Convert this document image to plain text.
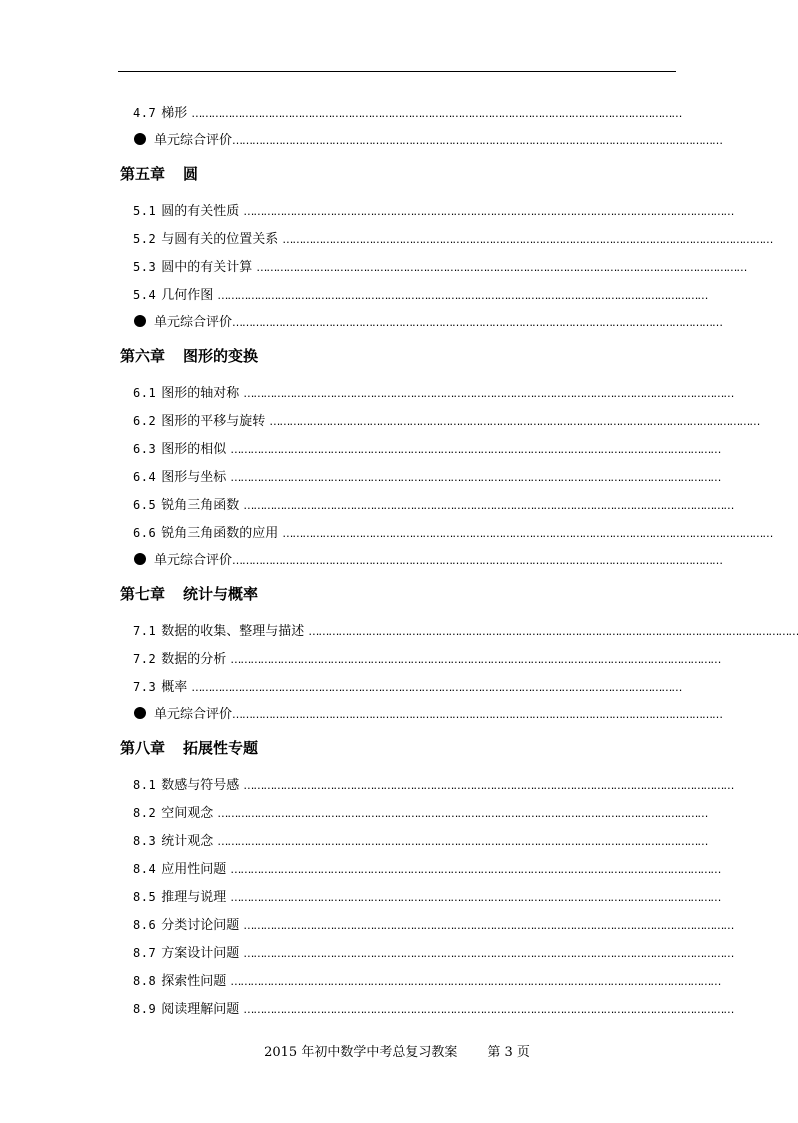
4.7 梯形 …………………………………………………………………………………………………………………………………
单元综合评价…………………………………………………………………………………………………………………………………
第五章 圆
5.1 圆的有关性质 …………………………………………………………………………………………………………………………………
5.2 与圆有关的位置关系 …………………………………………………………………………………………………………………………………
5.3 圆中的有关计算 …………………………………………………………………………………………………………………………………
5.4 几何作图 …………………………………………………………………………………………………………………………………
单元综合评价…………………………………………………………………………………………………………………………………
第六章 图形的变换
6.1 图形的轴对称 …………………………………………………………………………………………………………………………………
6.2 图形的平移与旋转 …………………………………………………………………………………………………………………………………
6.3 图形的相似 …………………………………………………………………………………………………………………………………
6.4 图形与坐标 …………………………………………………………………………………………………………………………………
6.5 锐角三角函数 …………………………………………………………………………………………………………………………………
6.6 锐角三角函数的应用 …………………………………………………………………………………………………………………………………
单元综合评价…………………………………………………………………………………………………………………………………
第七章 统计与概率
7.1 数据的收集、整理与描述 …………………………………………………………………………………………………………………………………
7.2 数据的分析 …………………………………………………………………………………………………………………………………
7.3 概率 …………………………………………………………………………………………………………………………………
单元综合评价…………………………………………………………………………………………………………………………………
第八章 拓展性专题
8.1 数感与符号感 …………………………………………………………………………………………………………………………………
8.2 空间观念 …………………………………………………………………………………………………………………………………
8.3 统计观念 …………………………………………………………………………………………………………………………………
8.4 应用性问题 …………………………………………………………………………………………………………………………………
8.5 推理与说理 …………………………………………………………………………………………………………………………………
8.6 分类讨论问题 …………………………………………………………………………………………………………………………………
8.7 方案设计问题 …………………………………………………………………………………………………………………………………
8.8 探索性问题 …………………………………………………………………………………………………………………………………
8.9 阅读理解问题 …………………………………………………………………………………………………………………………………
2015 年初中数学中考总复习教案 第 3 页
